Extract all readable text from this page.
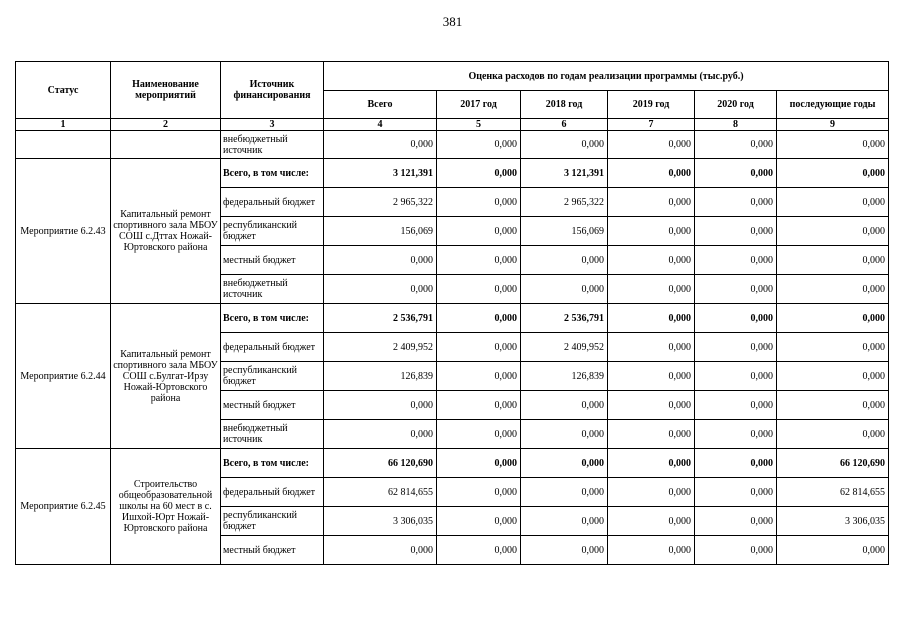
381
Статус	Наименование мероприятий	Источник финансирования	Оценка расходов по годам реализации программы (тыс.руб.)					
			Всего	2017 год	2018 год	2019 год	2020 год	последующие годы
1	2	3	4	5	6	7	8	9
		внебюджетный источник	0,000	0,000	0,000	0,000	0,000	0,000
Мероприятие 6.2.43	Капитальный ремонт спортивного зала МБОУ СОШ с.Дттах Ножай-Юртовского района	Всего, в том числе:	3 121,391	0,000	3 121,391	0,000	0,000	0,000
		федеральный бюджет	2 965,322	0,000	2 965,322	0,000	0,000	0,000
		республиканский бюджет	156,069	0,000	156,069	0,000	0,000	0,000
		местный бюджет	0,000	0,000	0,000	0,000	0,000	0,000
		внебюджетный источник	0,000	0,000	0,000	0,000	0,000	0,000
Мероприятие 6.2.44	Капитальный ремонт спортивного зала МБОУ СОШ с.Булгат-Ирзу Ножай-Юртовского района	Всего, в том числе:	2 536,791	0,000	2 536,791	0,000	0,000	0,000
		федеральный бюджет	2 409,952	0,000	2 409,952	0,000	0,000	0,000
		республиканский бюджет	126,839	0,000	126,839	0,000	0,000	0,000
		местный бюджет	0,000	0,000	0,000	0,000	0,000	0,000
		внебюджетный источник	0,000	0,000	0,000	0,000	0,000	0,000
Мероприятие 6.2.45	Строительство общеобразовательной школы на 60 мест в с. Ишхой-Юрт Ножай-Юртовского района	Всего, в том числе:	66 120,690	0,000	0,000	0,000	0,000	66 120,690
		федеральный бюджет	62 814,655	0,000	0,000	0,000	0,000	62 814,655
		республиканский бюджет	3 306,035	0,000	0,000	0,000	0,000	3 306,035
		местный бюджет	0,000	0,000	0,000	0,000	0,000	0,000
